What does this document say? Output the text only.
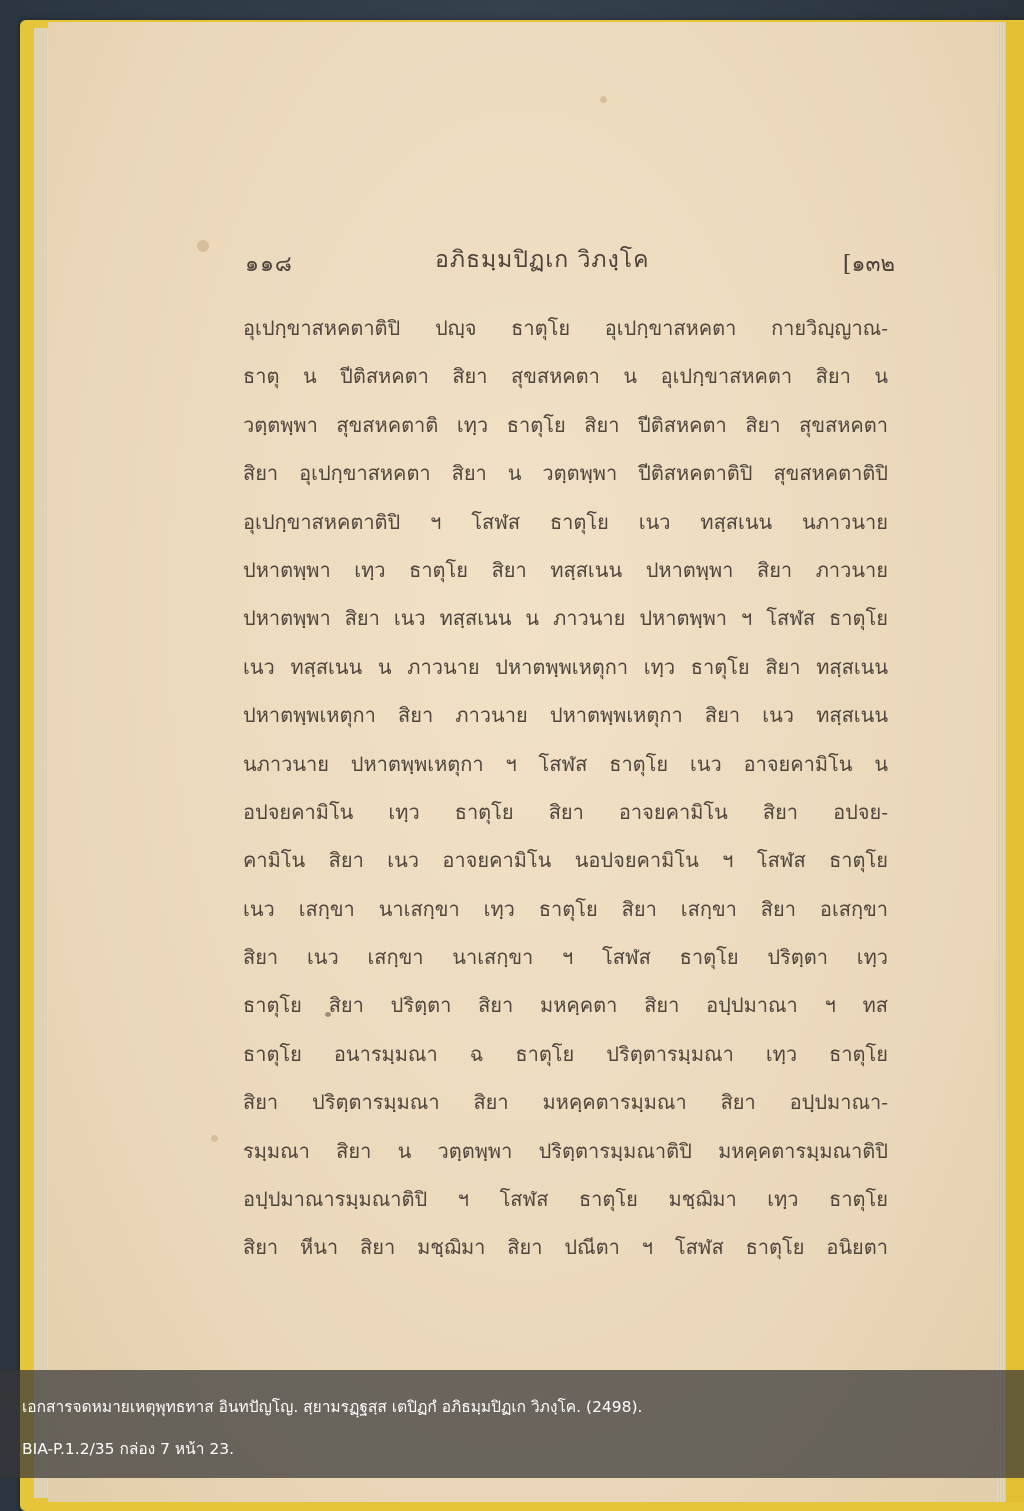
๑๑๘	อภิธมฺมปิฏเก วิภงฺโค	[๑๓๒
อุเปกฺขาสหคตาติปิ ปญฺจ ธาตุโย อุเปกฺขาสหคตา กายวิญฺญาณ-
ธาตุ น ปีติสหคตา สิยา สุขสหคตา น อุเปกฺขาสหคตา สิยา น
วตฺตพฺพา สุขสหคตาติ เทฺว ธาตุโย สิยา ปีติสหคตา สิยา สุขสหคตา
สิยา อุเปกฺขาสหคตา สิยา น วตฺตพฺพา ปีติสหคตาติปิ สุขสหคตาติปิ
อุเปกฺขาสหคตาติปิ ฯ โสฬส ธาตุโย เนว ทสฺสเนน นภาวนาย
ปหาตพฺพา เทฺว ธาตุโย สิยา ทสฺสเนน ปหาตพฺพา สิยา ภาวนาย
ปหาตพฺพา สิยา เนว ทสฺสเนน น ภาวนาย ปหาตพฺพา ฯ โสฬส ธาตุโย
เนว ทสฺสเนน น ภาวนาย ปหาตพฺพเหตุกา เทฺว ธาตุโย สิยา ทสฺสเนน
ปหาตพฺพเหตุกา สิยา ภาวนาย ปหาตพฺพเหตุกา สิยา เนว ทสฺสเนน
นภาวนาย ปหาตพฺพเหตุกา ฯ โสฬส ธาตุโย เนว อาจยคามิโน น
อปจยคามิโน เทฺว ธาตุโย สิยา อาจยคามิโน สิยา อปจย-
คามิโน สิยา เนว อาจยคามิโน นอปจยคามิโน ฯ โสฬส ธาตุโย
เนว เสกฺขา นาเสกฺขา เทฺว ธาตุโย สิยา เสกฺขา สิยา อเสกฺขา
สิยา เนว เสกฺขา นาเสกฺขา ฯ โสฬส ธาตุโย ปริตฺตา เทฺว
ธาตุโย สิยา ปริตฺตา สิยา มหคฺคตา สิยา อปฺปมาณา ฯ ทส
ธาตุโย อนารมฺมณา ฉ ธาตุโย ปริตฺตารมฺมณา เทฺว ธาตุโย
สิยา ปริตฺตารมฺมณา สิยา มหคฺคตารมฺมณา สิยา อปฺปมาณา-
รมฺมณา สิยา น วตฺตพฺพา ปริตฺตารมฺมณาติปิ มหคฺคตารมฺมณาติปิ
อปฺปมาณารมฺมณาติปิ ฯ โสฬส ธาตุโย มชฺฌิมา เทฺว ธาตุโย
สิยา หีนา สิยา มชฺฌิมา สิยา ปณีตา ฯ โสฬส ธาตุโย อนิยตา
เอกสารจดหมายเหตุพุทธทาส อินทปัญโญ. สฺยามรฏฺฐสฺส เตปิฏกํ อภิธมฺมปิฏเก วิภงฺโค. (2498).
BIA-P.1.2/35 กล่อง 7 หน้า 23.
